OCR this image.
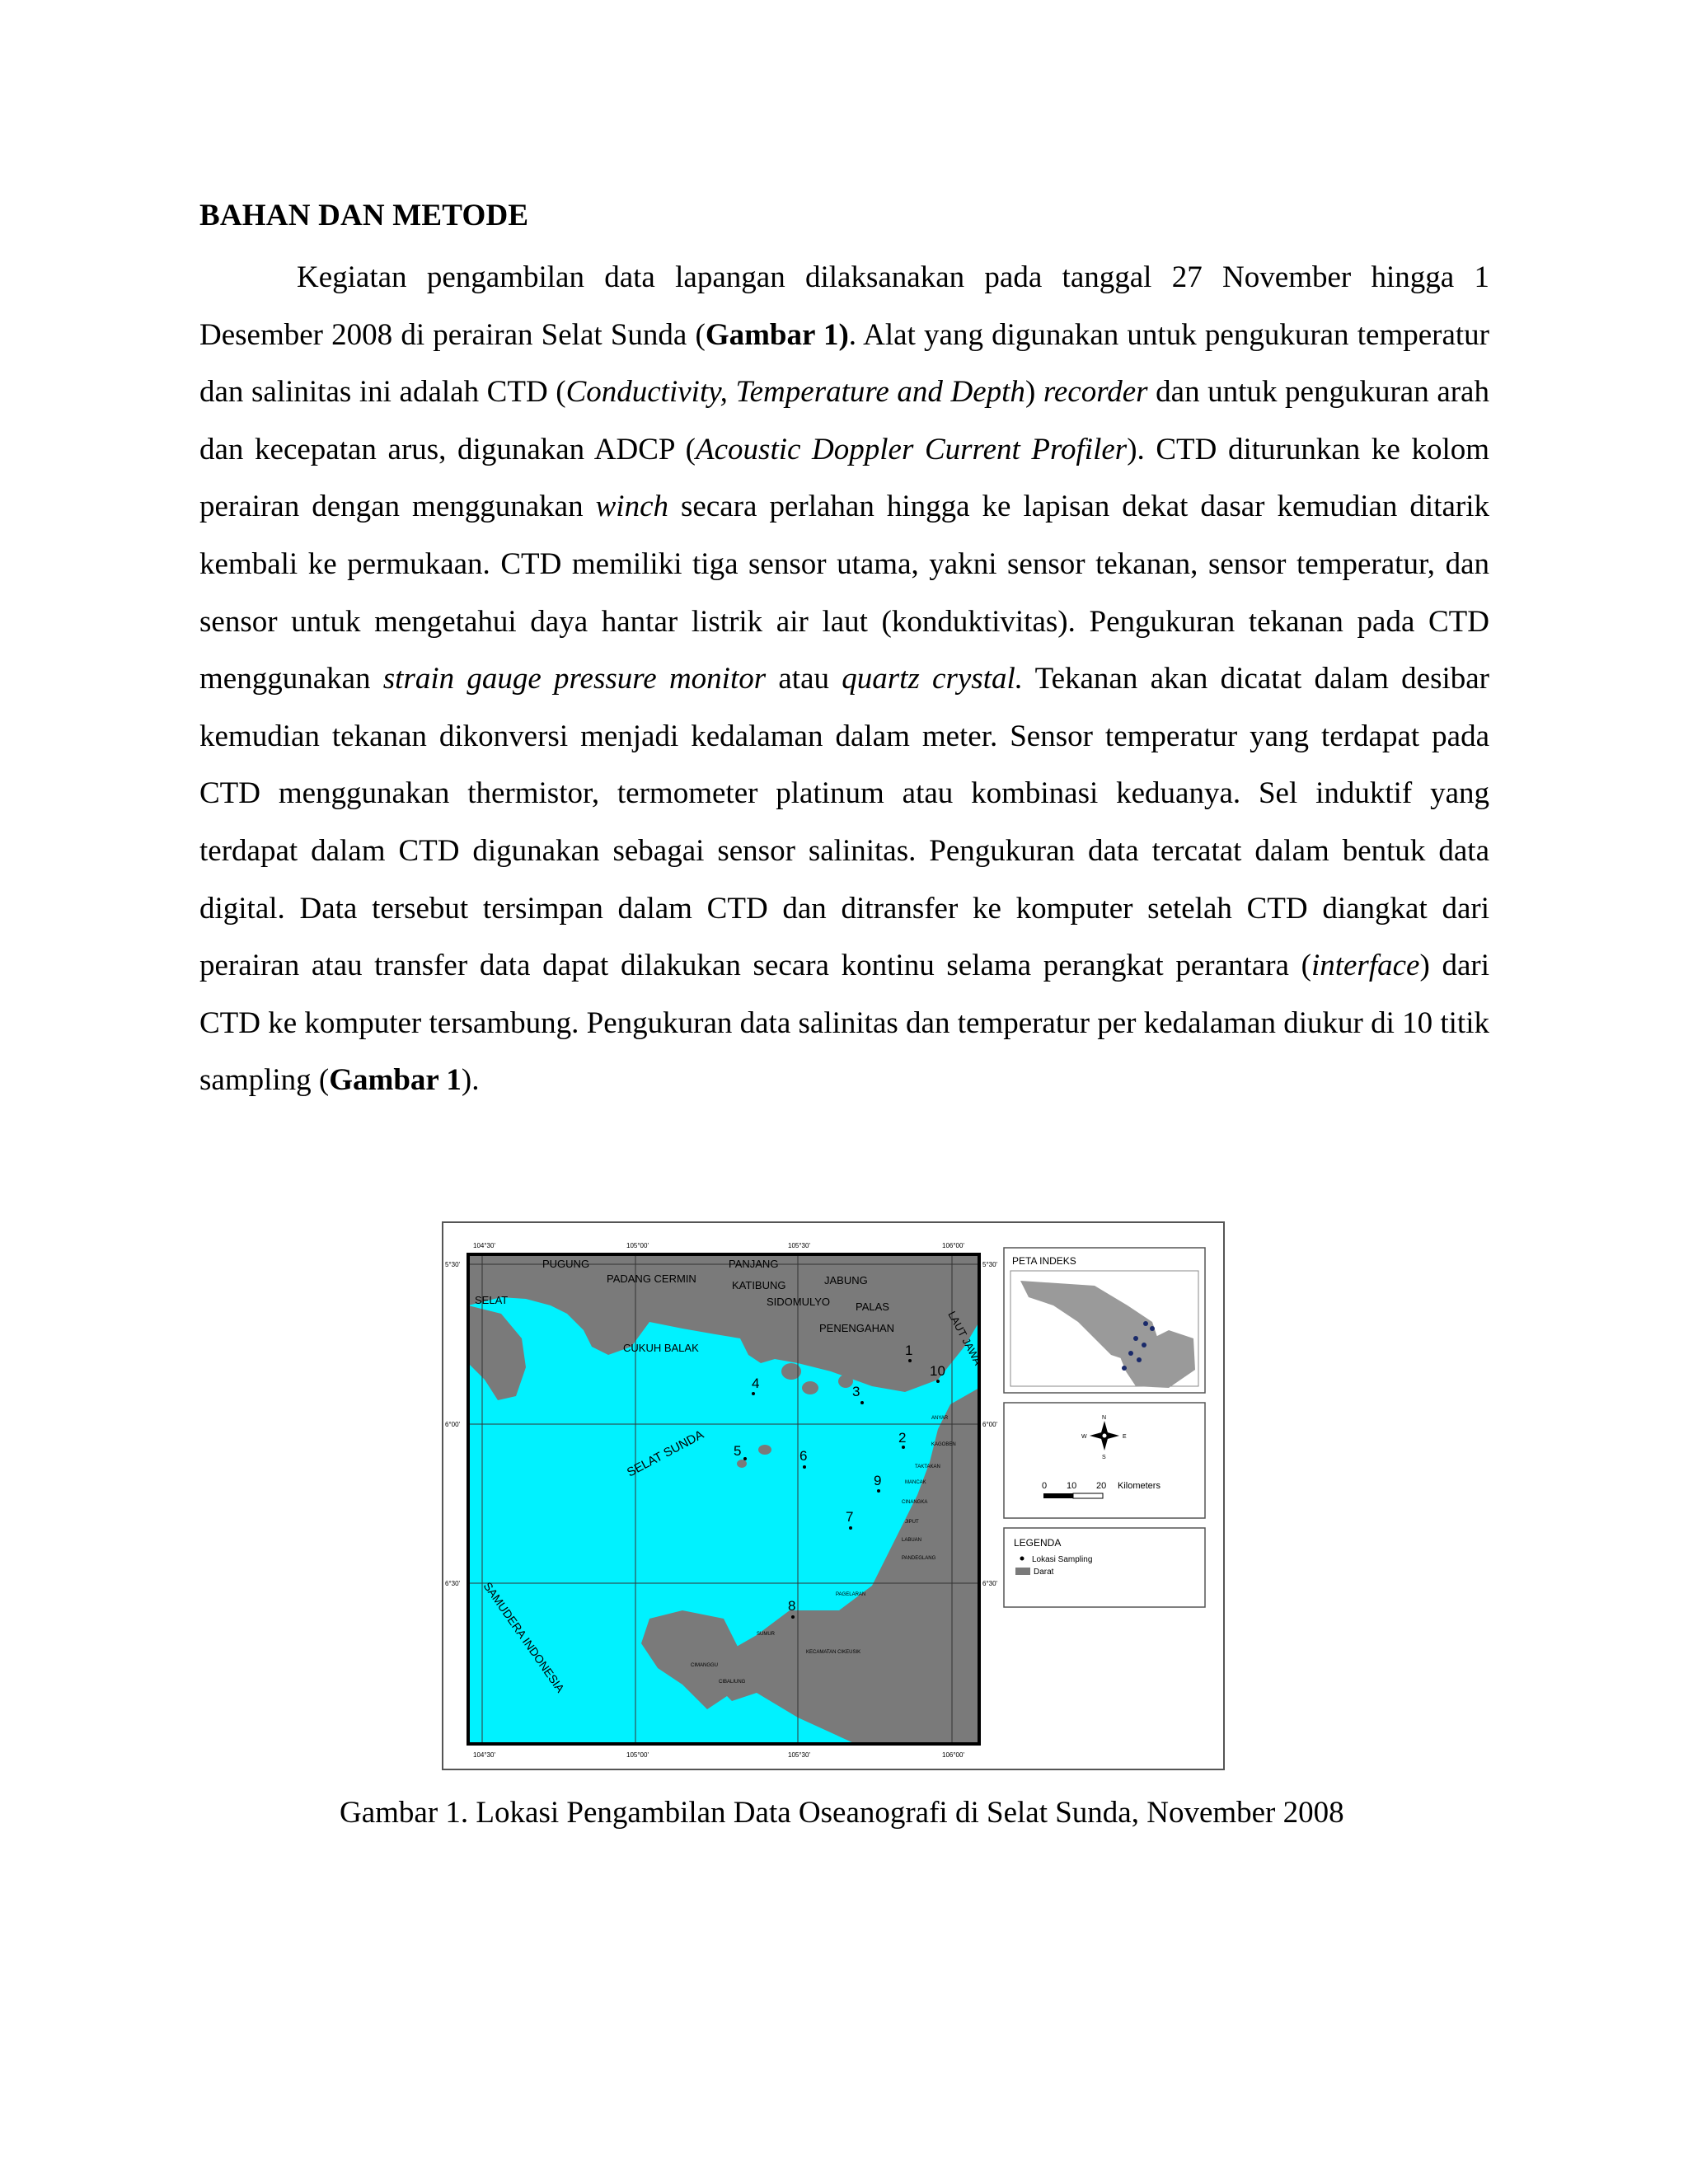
BAHAN DAN METODE

Kegiatan pengambilan data lapangan dilaksanakan pada tanggal 27 November hingga 1 Desember 2008 di perairan Selat Sunda (Gambar 1). Alat yang digunakan untuk pengukuran temperatur dan salinitas ini adalah CTD (Conductivity, Temperature and Depth) recorder dan untuk pengukuran arah dan kecepatan arus, digunakan ADCP (Acoustic Doppler Current Profiler). CTD diturunkan ke kolom perairan dengan menggunakan winch secara perlahan hingga ke lapisan dekat dasar kemudian ditarik kembali ke permukaan. CTD memiliki tiga sensor utama, yakni sensor tekanan, sensor temperatur, dan sensor untuk mengetahui daya hantar listrik air laut (konduktivitas). Pengukuran tekanan pada CTD menggunakan strain gauge pressure monitor atau quartz crystal. Tekanan akan dicatat dalam desibar kemudian tekanan dikonversi menjadi kedalaman dalam meter. Sensor temperatur yang terdapat pada CTD menggunakan thermistor, termometer platinum atau kombinasi keduanya. Sel induktif yang terdapat dalam CTD digunakan sebagai sensor salinitas. Pengukuran data tercatat dalam bentuk data digital. Data tersebut tersimpan dalam CTD dan ditransfer ke komputer setelah CTD diangkat dari perairan atau transfer data dapat dilakukan secara kontinu selama perangkat perantara (interface) dari CTD ke komputer tersambung. Pengukuran data salinitas dan temperatur per kedalaman diukur di 10 titik sampling (Gambar 1).

104°30'	105°00'	105°30'	106°00'
104°30'	105°00'	105°30'	106°00'
5°30'
6°00'
6°30'
5°30'
6°00'
6°30'
PUGUNG
PADANG CERMIN
PANJANG
KATIBUNG	JABUNG
SIDOMULYO PALAS
PENENGAHAN
CUKUH BALAK
SELAT
LAUT JAWA
SELAT SUNDA
SAMUDERA INDONESIA
ANYAR
KAGOBEN
TAKTAKAN
MANCAK
CINANGKA
JIPUT
LABUAN
PANDEGLANG
PAGELARAN
SUMUR
KECAMATAN CIKEUSIK
CIMANGGU
CIBALIUNG
1
2
3
4
5	6
7
8
9
10
PETA INDEKS
N
S
E
W
0 10 20 Kilometers
LEGENDA
Lokasi Sampling
Darat
Gambar 1. Lokasi Pengambilan Data Oseanografi di Selat Sunda, November 2008
